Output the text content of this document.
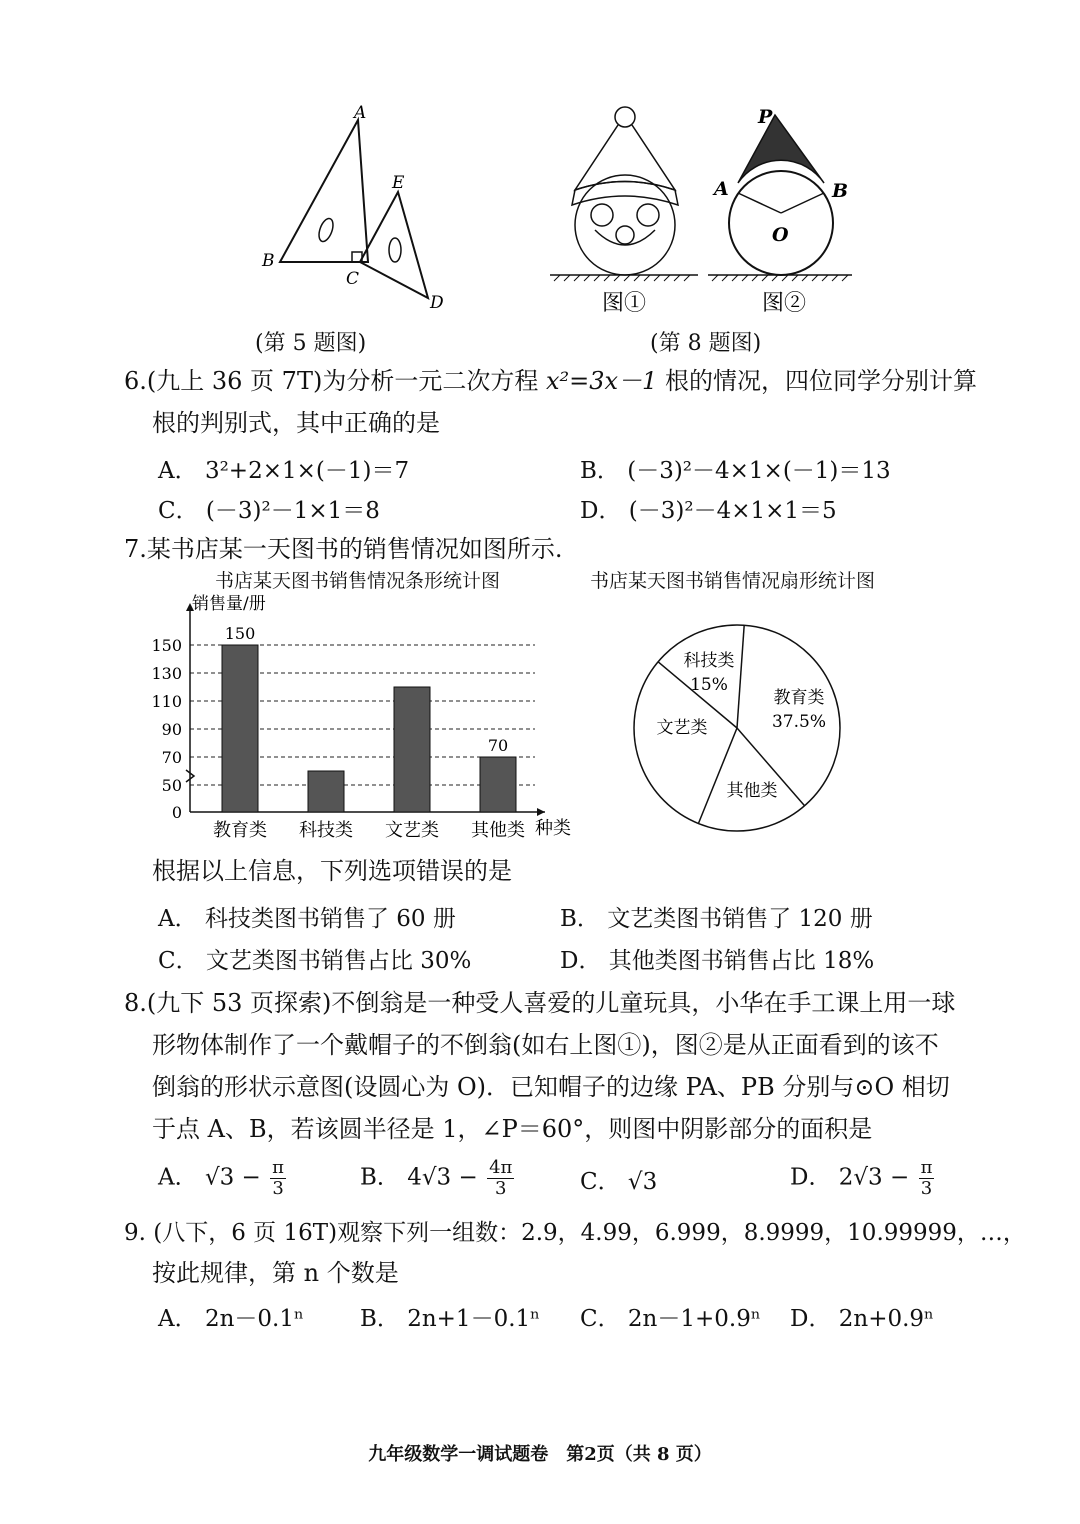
A
B
C
D
E
(第 5 题图)
图①
P
A	B
O
图②
(第 8 题图)
6.(九上 36 页 7T)为分析一元二次方程 x²=3x－1 根的情况，四位同学分别计算
根的判别式，其中正确的是
A． 3²+2×1×(－1)＝7	B． (－3)²－4×1×(－1)＝13
C． (－3)²－1×1＝8	D． (－3)²－4×1×1＝5
7.某书店某一天图书的销售情况如图所示.
书店某天图书销售情况条形统计图	书店某天图书销售情况扇形统计图
0
50
70
90
110
130
150
销售量/册
种类
教育类
150
科技类 文艺类 其他类
70
教育类
37.5%
其他类
文艺类
科技类
15%
根据以上信息，下列选项错误的是
A． 科技类图书销售了 60 册	B． 文艺类图书销售了 120 册
C． 文艺类图书销售占比 30%	D． 其他类图书销售占比 18%
8.(九下 53 页探索)不倒翁是一种受人喜爱的儿童玩具，小华在手工课上用一球
形物体制作了一个戴帽子的不倒翁(如右上图①)，图②是从正面看到的该不
倒翁的形状示意图(设圆心为 O)．已知帽子的边缘 PA、PB 分别与⊙O 相切
于点 A、B，若该圆半径是 1，∠P＝60°，则图中阴影部分的面积是
A． $√3 - \frac{\pi}{3}$	B． $4√3 - \frac{4\pi}{3}$	C． √3	D． $2√3 - \frac{\pi}{3}$
9. (八下，6 页 16T)观察下列一组数：2.9，4.99，6.999，8.9999，10.99999，…，
按此规律，第 n 个数是
A． 2n－0.1ⁿ B． 2n+1－0.1ⁿ C． 2n－1+0.9ⁿ D． 2n+0.9ⁿ
九年级数学一调试题卷　第2页（共 8 页）
